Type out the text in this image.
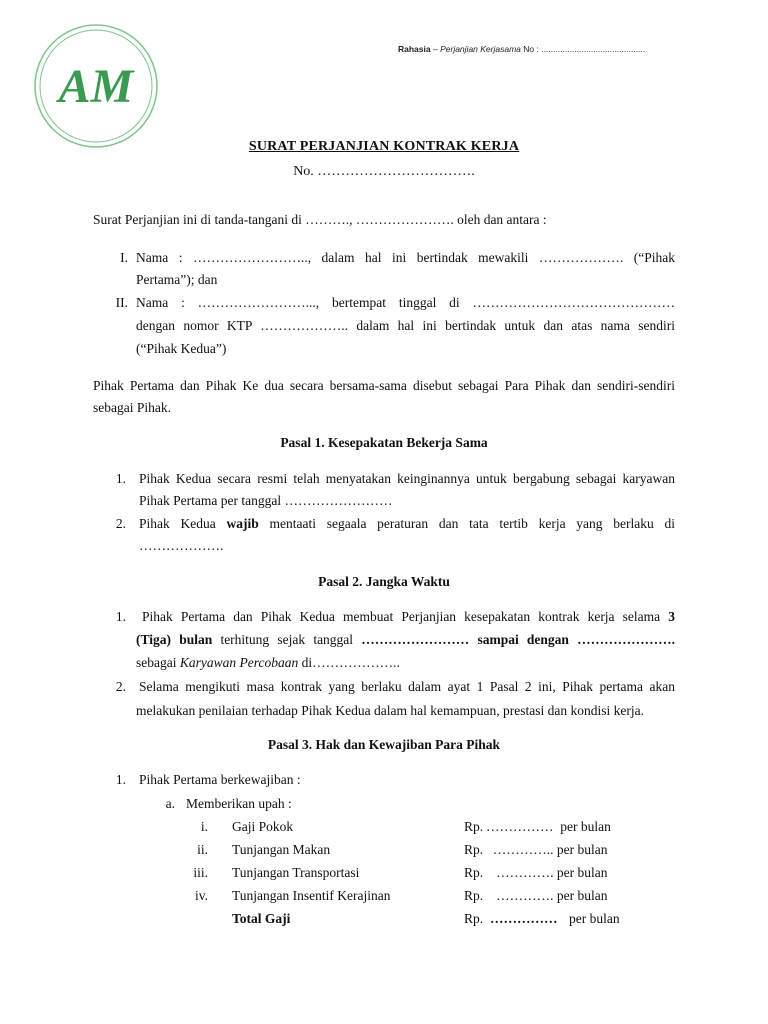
AM
Rahasia – Perjanjian Kerjasama No : ............................................
SURAT PERJANJIAN KONTRAK KERJA
No. …………………………….
Surat Perjanjian ini di tanda-tangani di ………., …………………. oleh dan antara :
I. Nama : …………………….., dalam hal ini bertindak mewakili ………………. (“Pihak
Pertama”); dan
II. Nama : ……………………..., bertempat tinggal di ………………………………………
dengan nomor KTP ……………….. dalam hal ini bertindak untuk dan atas nama sendiri
(“Pihak Kedua”)
Pihak Pertama dan Pihak Ke dua secara bersama-sama disebut sebagai Para Pihak dan sendiri-sendiri
sebagai Pihak.
Pasal 1. Kesepakatan Bekerja Sama
1. Pihak Kedua secara resmi telah menyatakan keinginannya untuk bergabung sebagai karyawan
Pihak Pertama per tanggal ……………………
2. Pihak Kedua wajib mentaati segaala peraturan dan tata tertib kerja yang berlaku di
……………….
Pasal 2. Jangka Waktu
1. Pihak Pertama dan Pihak Kedua membuat Perjanjian kesepakatan kontrak kerja selama 3
(Tiga) bulan terhitung sejak tanggal …………………… sampai dengan ………………….
sebagai Karyawan Percobaan di………………..
2. Selama mengikuti masa kontrak yang berlaku dalam ayat 1 Pasal 2 ini, Pihak pertama akan
melakukan penilaian terhadap Pihak Kedua dalam hal kemampuan, prestasi dan kondisi kerja.
Pasal 3. Hak dan Kewajiban Para Pihak
1. Pihak Pertama berkewajiban :
a. Memberikan upah :
i. Gaji Pokok	Rp. ……………  per bulan
ii. Tunjangan Makan	Rp. ………….. per bulan
iii. Tunjangan Transportasi	Rp. …………. per bulan
iv. Tunjangan Insentif Kerajinan	Rp. …………. per bulan
Total Gaji	Rp. …………… per bulan
